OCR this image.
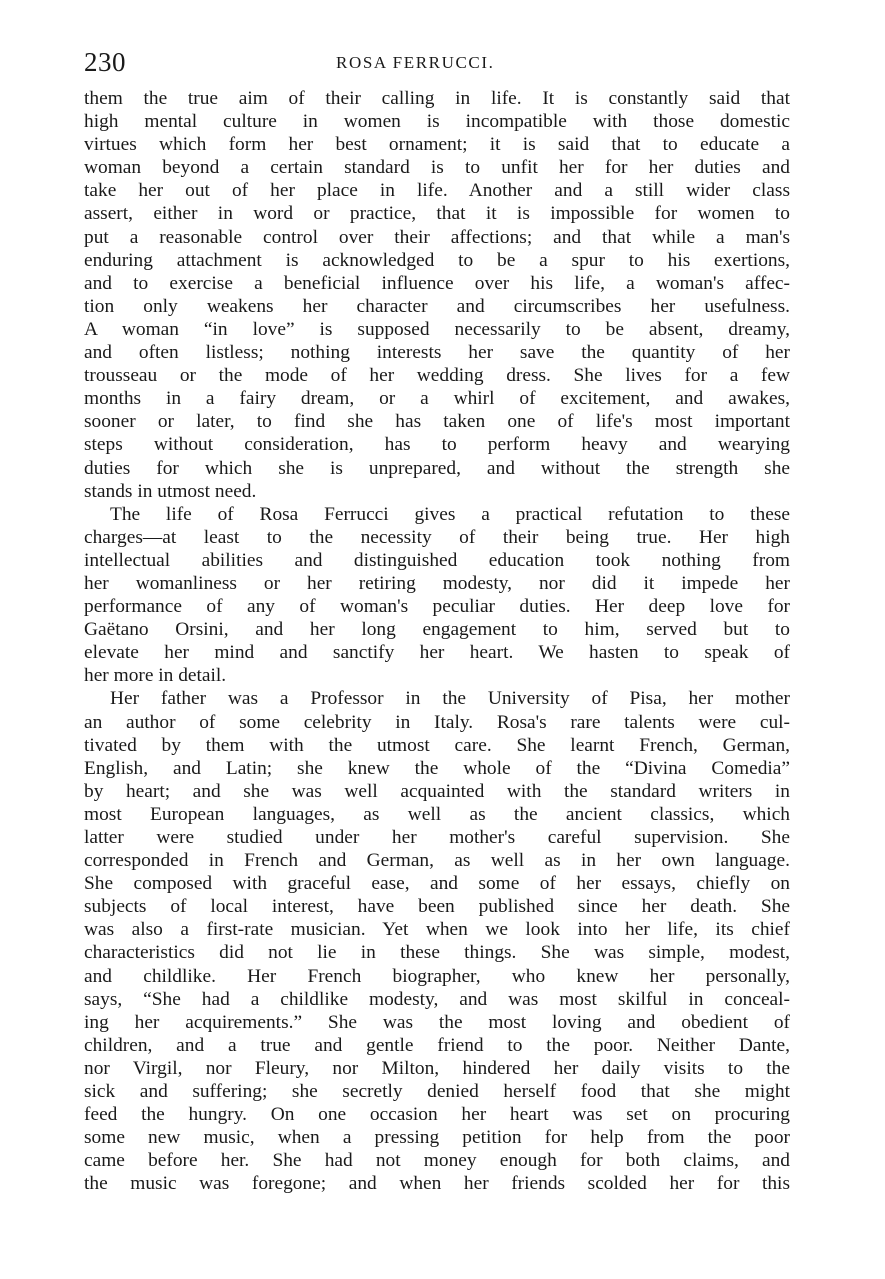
230	ROSA FERRUCCI.
them the true aim of their calling in life. It is constantly said that
high mental culture in women is incompatible with those domestic
virtues which form her best ornament; it is said that to educate a
woman beyond a certain standard is to unfit her for her duties and
take her out of her place in life. Another and a still wider class
assert, either in word or practice, that it is impossible for women to
put a reasonable control over their affections; and that while a man's
enduring attachment is acknowledged to be a spur to his exertions,
and to exercise a beneficial influence over his life, a woman's affec-
tion only weakens her character and circumscribes her usefulness.
A woman “in love” is supposed necessarily to be absent, dreamy,
and often listless; nothing interests her save the quantity of her
trousseau or the mode of her wedding dress. She lives for a few
months in a fairy dream, or a whirl of excitement, and awakes,
sooner or later, to find she has taken one of life's most important
steps without consideration, has to perform heavy and wearying
duties for which she is unprepared, and without the strength she
stands in utmost need.
The life of Rosa Ferrucci gives a practical refutation to these
charges—at least to the necessity of their being true. Her high
intellectual abilities and distinguished education took nothing from
her womanliness or her retiring modesty, nor did it impede her
performance of any of woman's peculiar duties. Her deep love for
Gaëtano Orsini, and her long engagement to him, served but to
elevate her mind and sanctify her heart. We hasten to speak of
her more in detail.
Her father was a Professor in the University of Pisa, her mother
an author of some celebrity in Italy. Rosa's rare talents were cul-
tivated by them with the utmost care. She learnt French, German,
English, and Latin; she knew the whole of the “Divina Comedia”
by heart; and she was well acquainted with the standard writers in
most European languages, as well as the ancient classics, which
latter were studied under her mother's careful supervision. She
corresponded in French and German, as well as in her own language.
She composed with graceful ease, and some of her essays, chiefly on
subjects of local interest, have been published since her death. She
was also a first-rate musician. Yet when we look into her life, its chief
characteristics did not lie in these things. She was simple, modest,
and childlike. Her French biographer, who knew her personally,
says, “She had a childlike modesty, and was most skilful in conceal-
ing her acquirements.” She was the most loving and obedient of
children, and a true and gentle friend to the poor. Neither Dante,
nor Virgil, nor Fleury, nor Milton, hindered her daily visits to the
sick and suffering; she secretly denied herself food that she might
feed the hungry. On one occasion her heart was set on procuring
some new music, when a pressing petition for help from the poor
came before her. She had not money enough for both claims, and
the music was foregone; and when her friends scolded her for this
